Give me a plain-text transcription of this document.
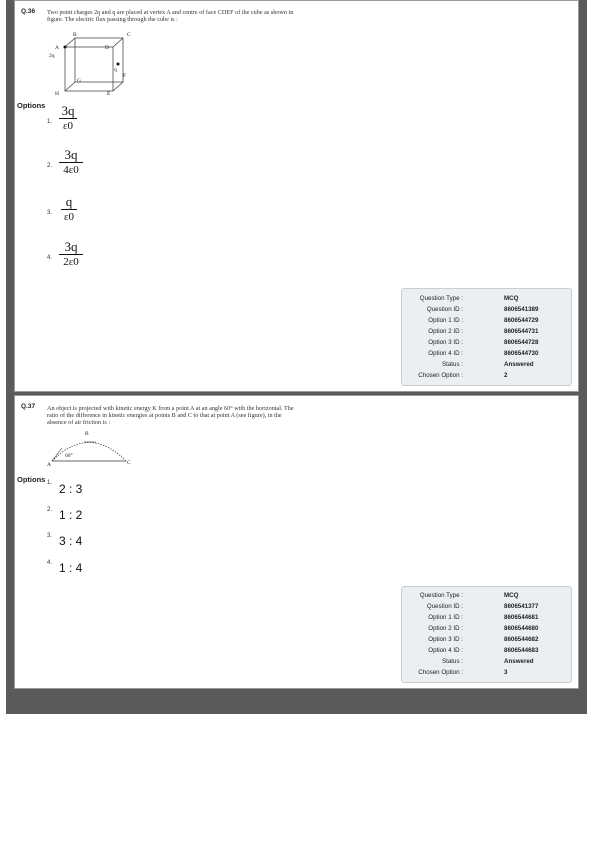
Q.36 Two point charges 2q and q are placed at vertex A and centre of face CDEF of the cube as shown in
figure. The electric flux passing through the cube is :
B	C
A
2q
D
q
F
G
H	E
Options
1.
3q
ε0
2.
3q
4ε0
3.
q
ε0
4.
3q
2ε0
Question Type :	MCQ
Question ID :	8606541389
Option 1 ID :	8606544729
Option 2 ID :	8606544731
Option 3 ID :	8606544728
Option 4 ID :	8606544730
Status :	Answered
Chosen Option :	2
Q.37 An object is projected with kinetic energy K from a point A at an angle 60° with the horizontal. The
ratio of the difference in kinetic energies at points B and C to that at point A (see figure), in the
absence of air friction is :
B
60°
A	C
Options 1. 2 : 3
2. 1 : 2
3. 3 : 4
4. 1 : 4
Question Type :	MCQ
Question ID :	8606541377
Option 1 ID :	8606544681
Option 2 ID :	8606544680
Option 3 ID :	8606544682
Option 4 ID :	8606544683
Status :	Answered
Chosen Option :	3
